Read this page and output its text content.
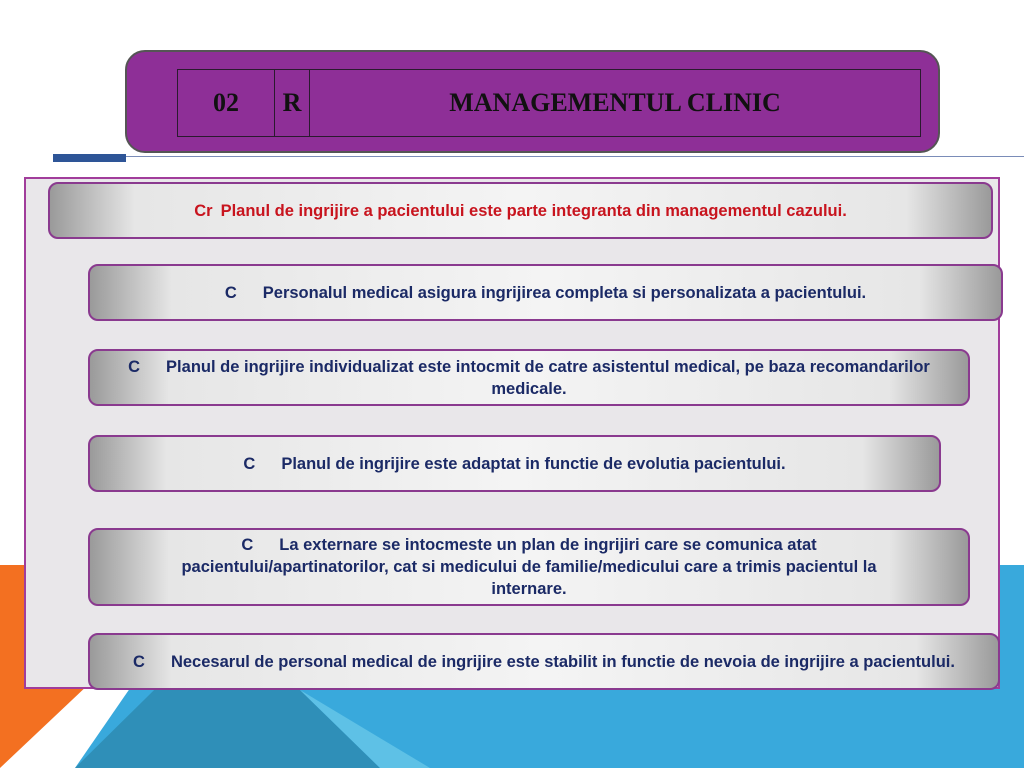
02	R	MANAGEMENTUL CLINIC
Cr Planul de ingrijire a pacientului este parte integranta din managementul cazului.
C Personalul medical asigura ingrijirea completa si personalizata a pacientului.
C Planul de ingrijire individualizat este intocmit de catre asistentul medical, pe baza recomandarilor medicale.
C Planul de ingrijire este adaptat in functie de evolutia pacientului.
C La externare se intocmeste un plan de ingrijiri care se comunica atat pacientului/apartinatorilor, cat si medicului de familie/medicului care a trimis pacientul la internare.
C Necesarul de personal medical de ingrijire este stabilit in functie de nevoia de ingrijire a pacientului.
